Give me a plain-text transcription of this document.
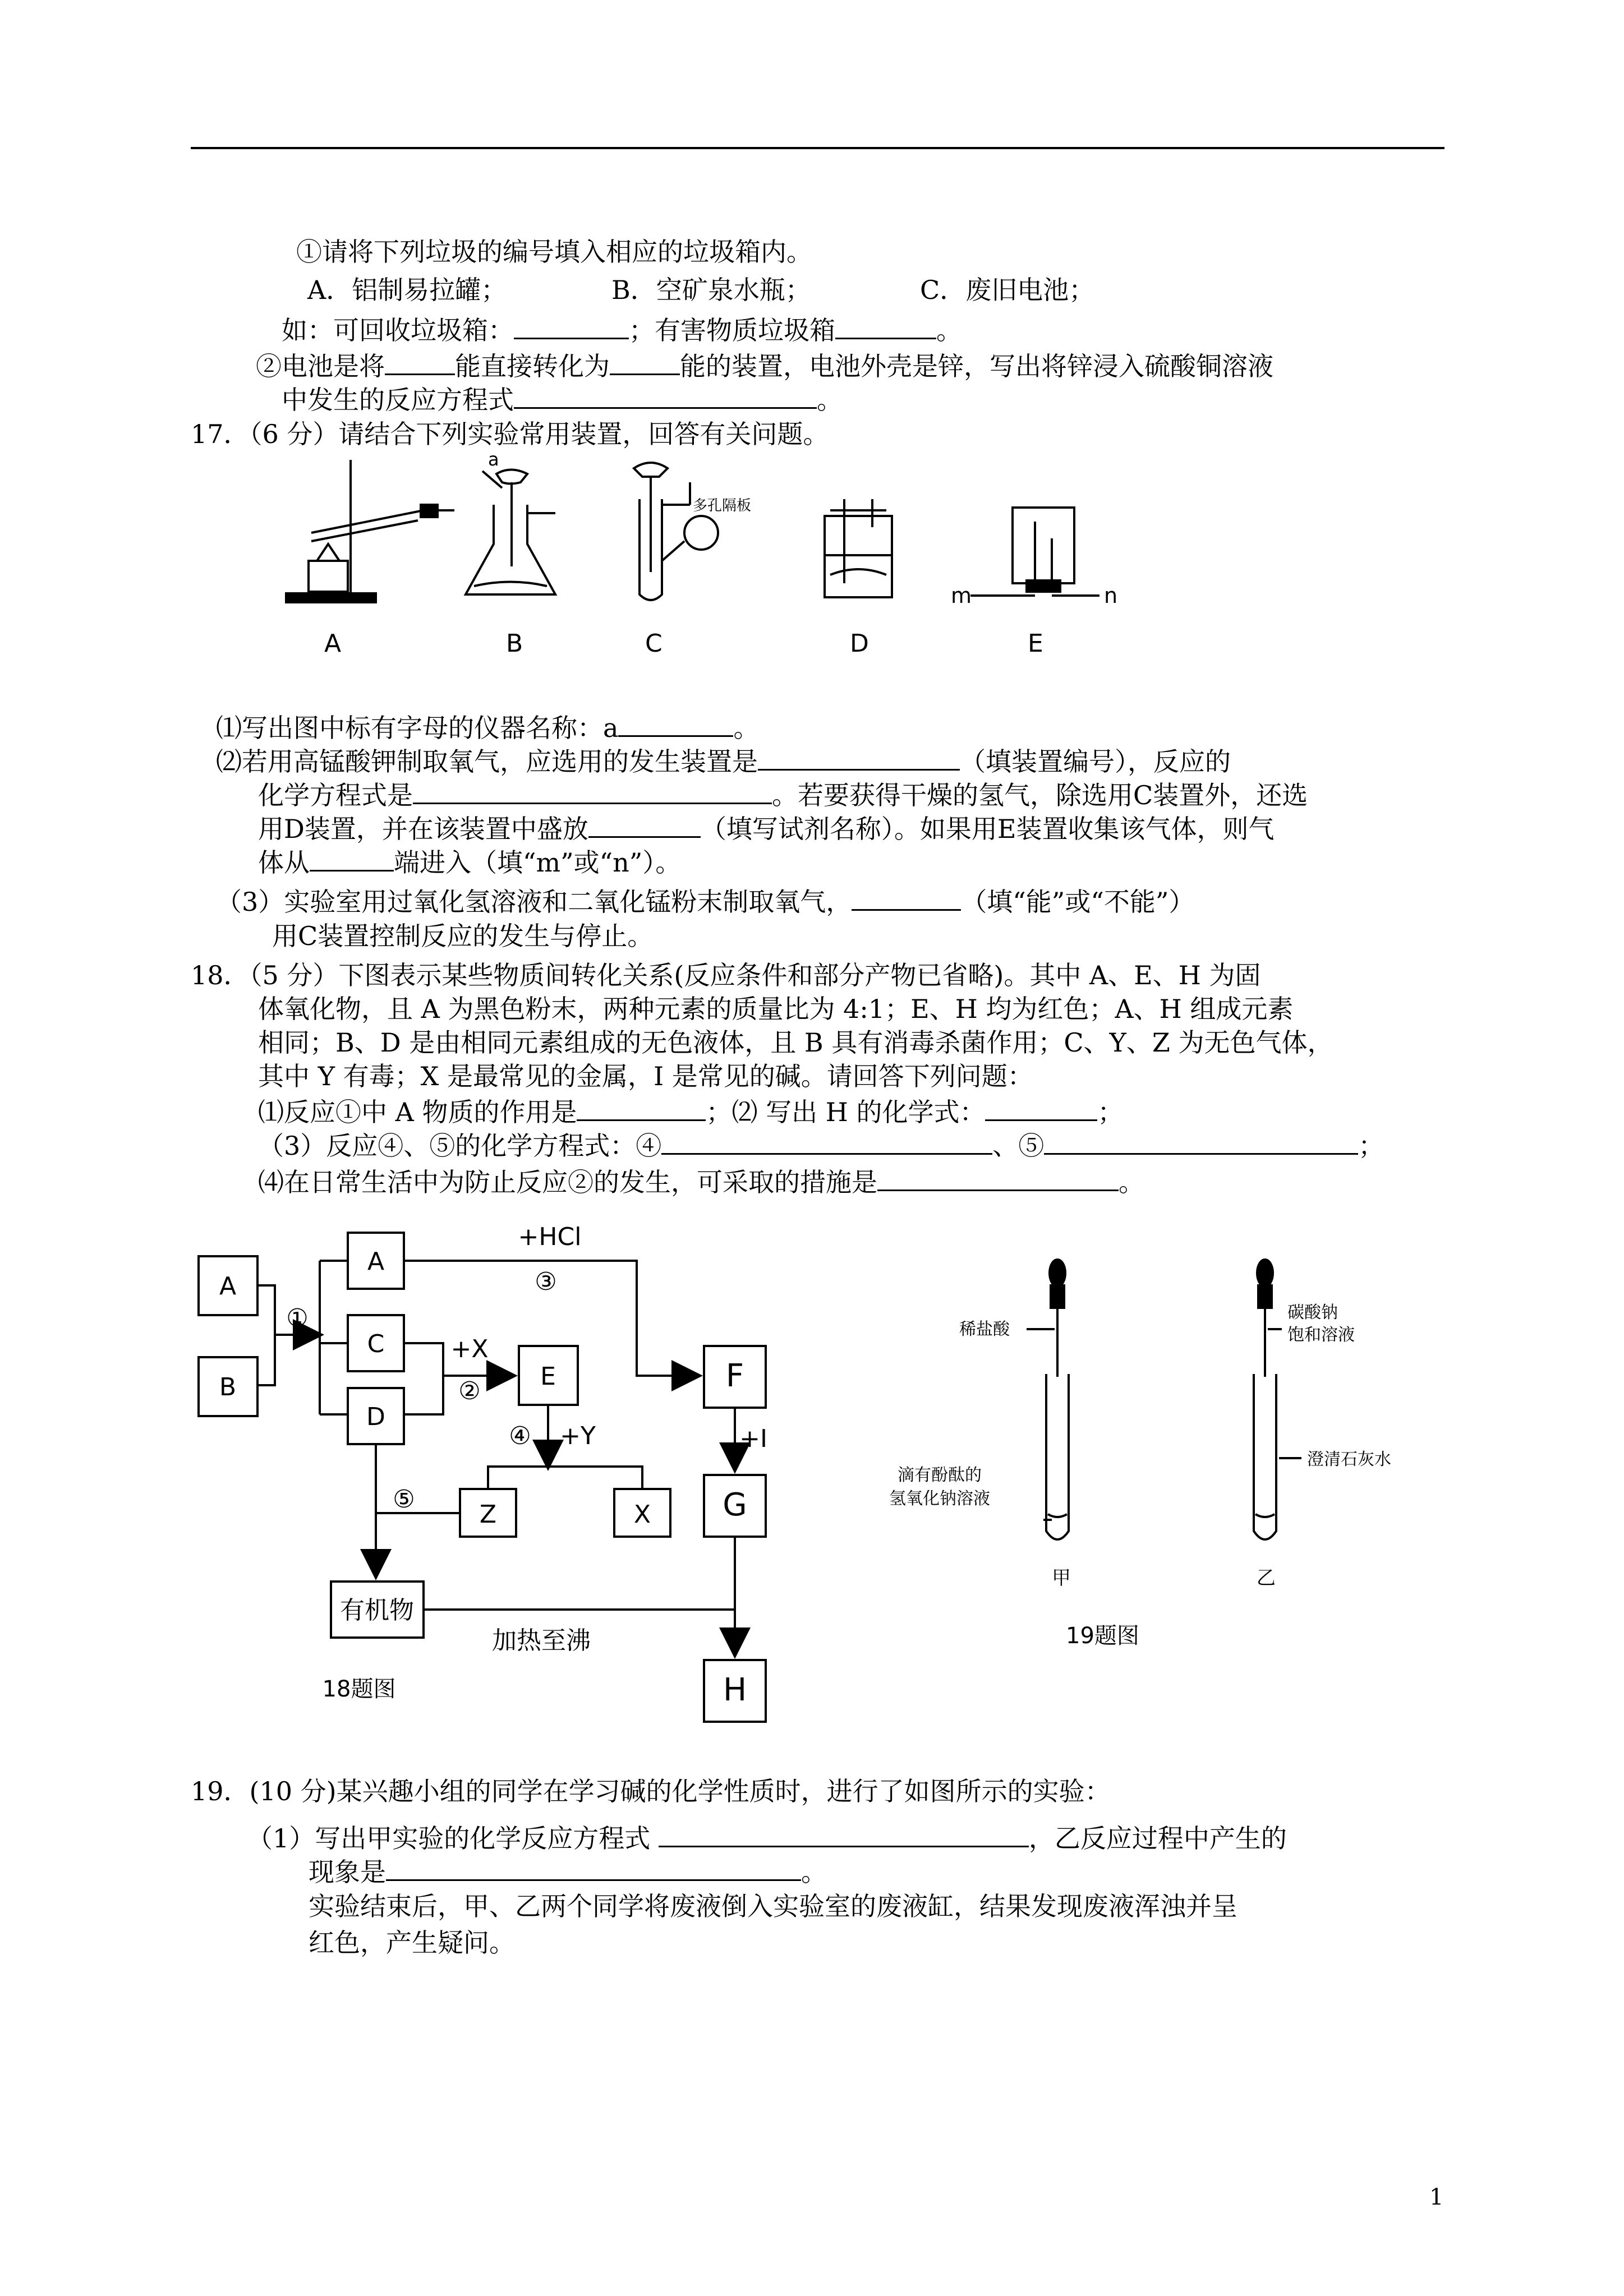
①请将下列垃圾的编号填入相应的垃圾箱内。
A．铝制易拉罐；	B．空矿泉水瓶；	C．废旧电池；
如：可回收垃圾箱：	；有害物质垃圾箱	。
②电池是将	能直接转化为	能的装置，电池外壳是锌，写出将锌浸入硫酸铜溶液
中发生的反应方程式	。
17．（6 分）请结合下列实验常用装置，回答有关问题。
多孔隔板
a
m	n
A	B	C	D	E
⑴写出图中标有字母的仪器名称：a	。
⑵若用高锰酸钾制取氧气，应选用的发生装置是	（填装置编号），反应的
化学方程式是	。若要获得干燥的氢气，除选用C装置外，还选
用D装置，并在该装置中盛放	（填写试剂名称）。如果用E装置收集该气体，则气
体从	端进入（填“m”或“n”）。
（3）实验室用过氧化氢溶液和二氧化锰粉末制取氧气，	（填“能”或“不能”）
用C装置控制反应的发生与停止。
18．（5 分）下图表示某些物质间转化关系(反应条件和部分产物已省略)。其中 A、E、H 为固
体氧化物，且 A 为黑色粉末，两种元素的质量比为 4:1；E、H 均为红色；A、H 组成元素
相同；B、D 是由相同元素组成的无色液体，且 B 具有消毒杀菌作用；C、Y、Z 为无色气体，
其中 Y 有毒；X 是最常见的金属，I 是常见的碱。请回答下列问题：
⑴反应①中 A 物质的作用是	；⑵ 写出 H 的化学式：	；
（3）反应④、⑤的化学方程式：④	、⑤	；
⑷在日常生活中为防止反应②的发生，可采取的措施是	。
A
B
A
C
D
E	F
G
H
Z	X
有机物
①
②
③
④
⑤
+HCl
+X
+Y	+I
加热至沸
18题图
稀盐酸
滴有酚酞的
氢氧化钠溶液
甲
碳酸钠
饱和溶液
澄清石灰水
乙
19题图
19．(10 分)某兴趣小组的同学在学习碱的化学性质时，进行了如图所示的实验：
（1）写出甲实验的化学反应方程式	，乙反应过程中产生的
现象是	。
实验结束后，甲、乙两个同学将废液倒入实验室的废液缸，结果发现废液浑浊并呈
红色，产生疑问。
1
